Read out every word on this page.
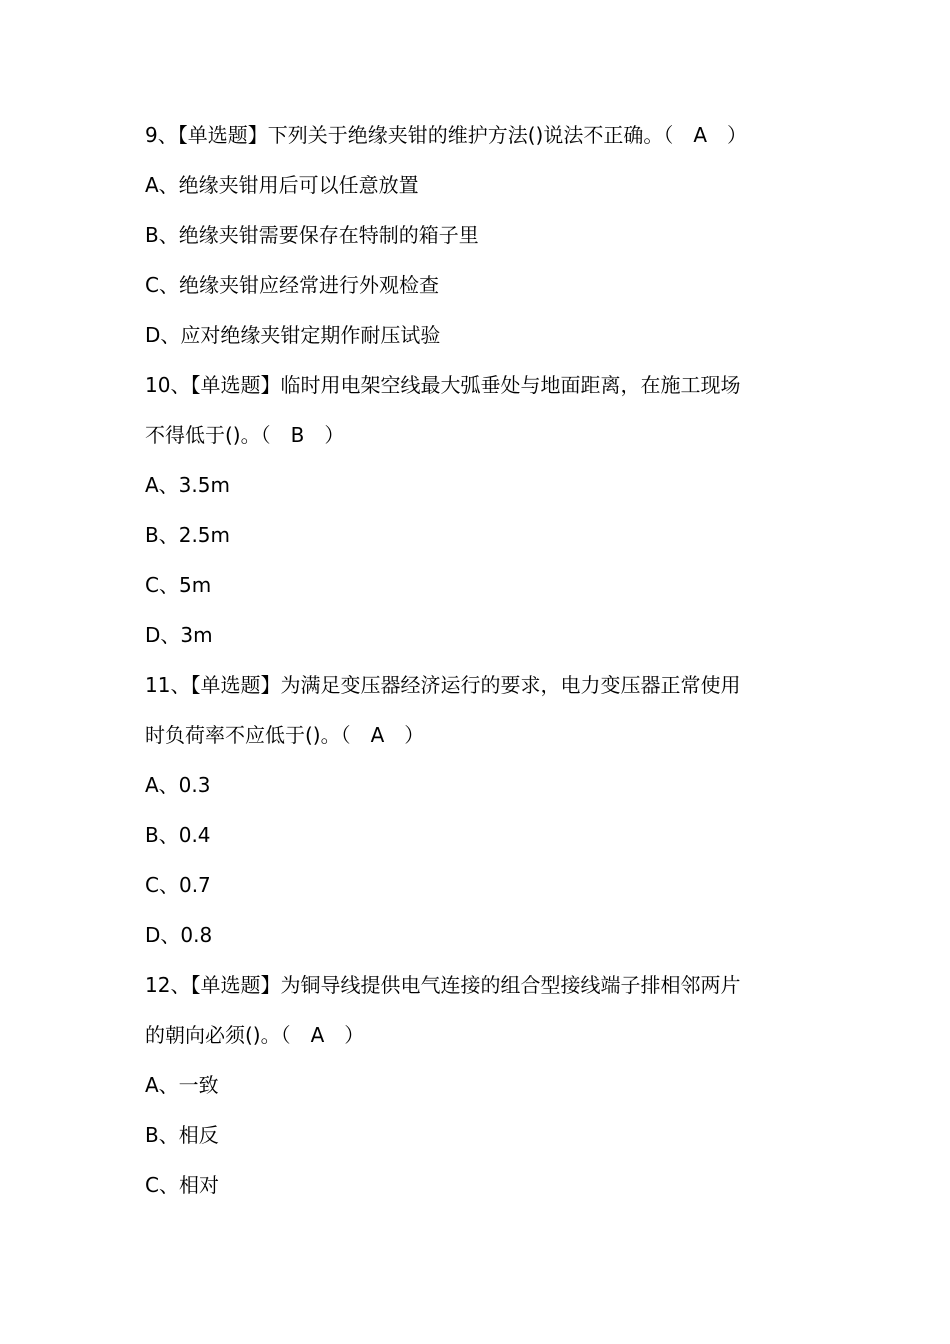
9、【单选题】下列关于绝缘夹钳的维护方法()说法不正确。（　A　）
A、绝缘夹钳用后可以任意放置
B、绝缘夹钳需要保存在特制的箱子里
C、绝缘夹钳应经常进行外观检查
D、应对绝缘夹钳定期作耐压试验
10、【单选题】临时用电架空线最大弧垂处与地面距离，在施工现场
不得低于()。（　B　）
A、3.5m
B、2.5m
C、5m
D、3m
11、【单选题】为满足变压器经济运行的要求，电力变压器正常使用
时负荷率不应低于()。（　A　）
A、0.3
B、0.4
C、0.7
D、0.8
12、【单选题】为铜导线提供电气连接的组合型接线端子排相邻两片
的朝向必须()。（　A　）
A、一致
B、相反
C、相对
